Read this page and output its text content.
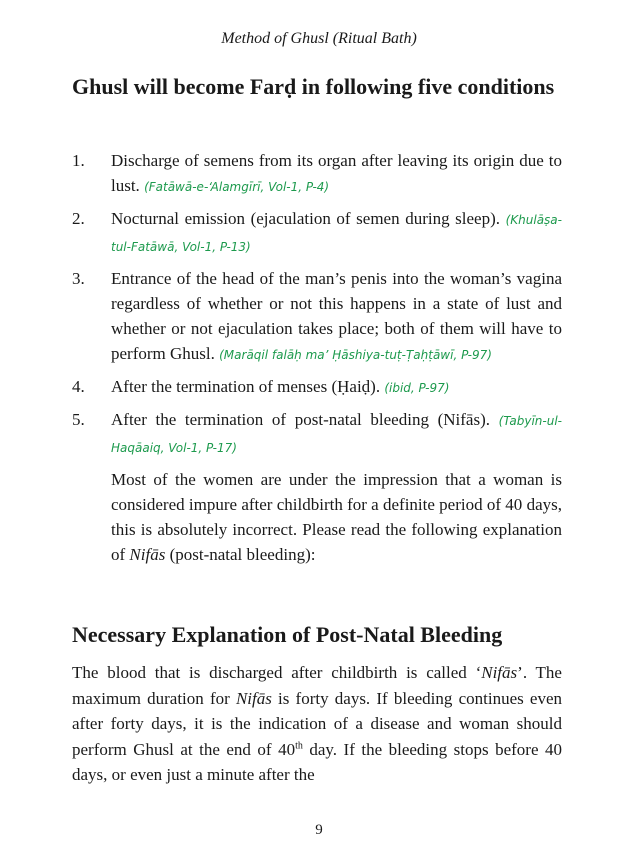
Method of Ghusl (Ritual Bath)
Ghusl will become Farḍ in following five conditions
1. Discharge of semens from its organ after leaving its origin due to lust. (Fatāwā-e-‘Alamgīrī, Vol-1, P-4)
2. Nocturnal emission (ejaculation of semen during sleep). (Khulāṣa-tul-Fatāwā, Vol-1, P-13)
3. Entrance of the head of the man’s penis into the woman’s vagina regardless of whether or not this happens in a state of lust and whether or not ejaculation takes place; both of them will have to perform Ghusl. (Marāqil falāḥ ma’ Ḥāshiya-tuṭ-Ṭaḥṭāwī, P-97)
4. After the termination of menses (Ḥaiḍ). (ibid, P-97)
5. After the termination of post-natal bleeding (Nifās). (Tabyīn-ul-Haqāaiq, Vol-1, P-17)
Most of the women are under the impression that a woman is considered impure after childbirth for a definite period of 40 days, this is absolutely incorrect. Please read the following explanation of Nifās (post-natal bleeding):
Necessary Explanation of Post-Natal Bleeding

The blood that is discharged after childbirth is called ‘Nifās’. The maximum duration for Nifās is forty days. If bleeding continues even after forty days, it is the indication of a disease and woman should perform Ghusl at the end of 40th day. If the bleeding stops before 40 days, or even just a minute after the

9
